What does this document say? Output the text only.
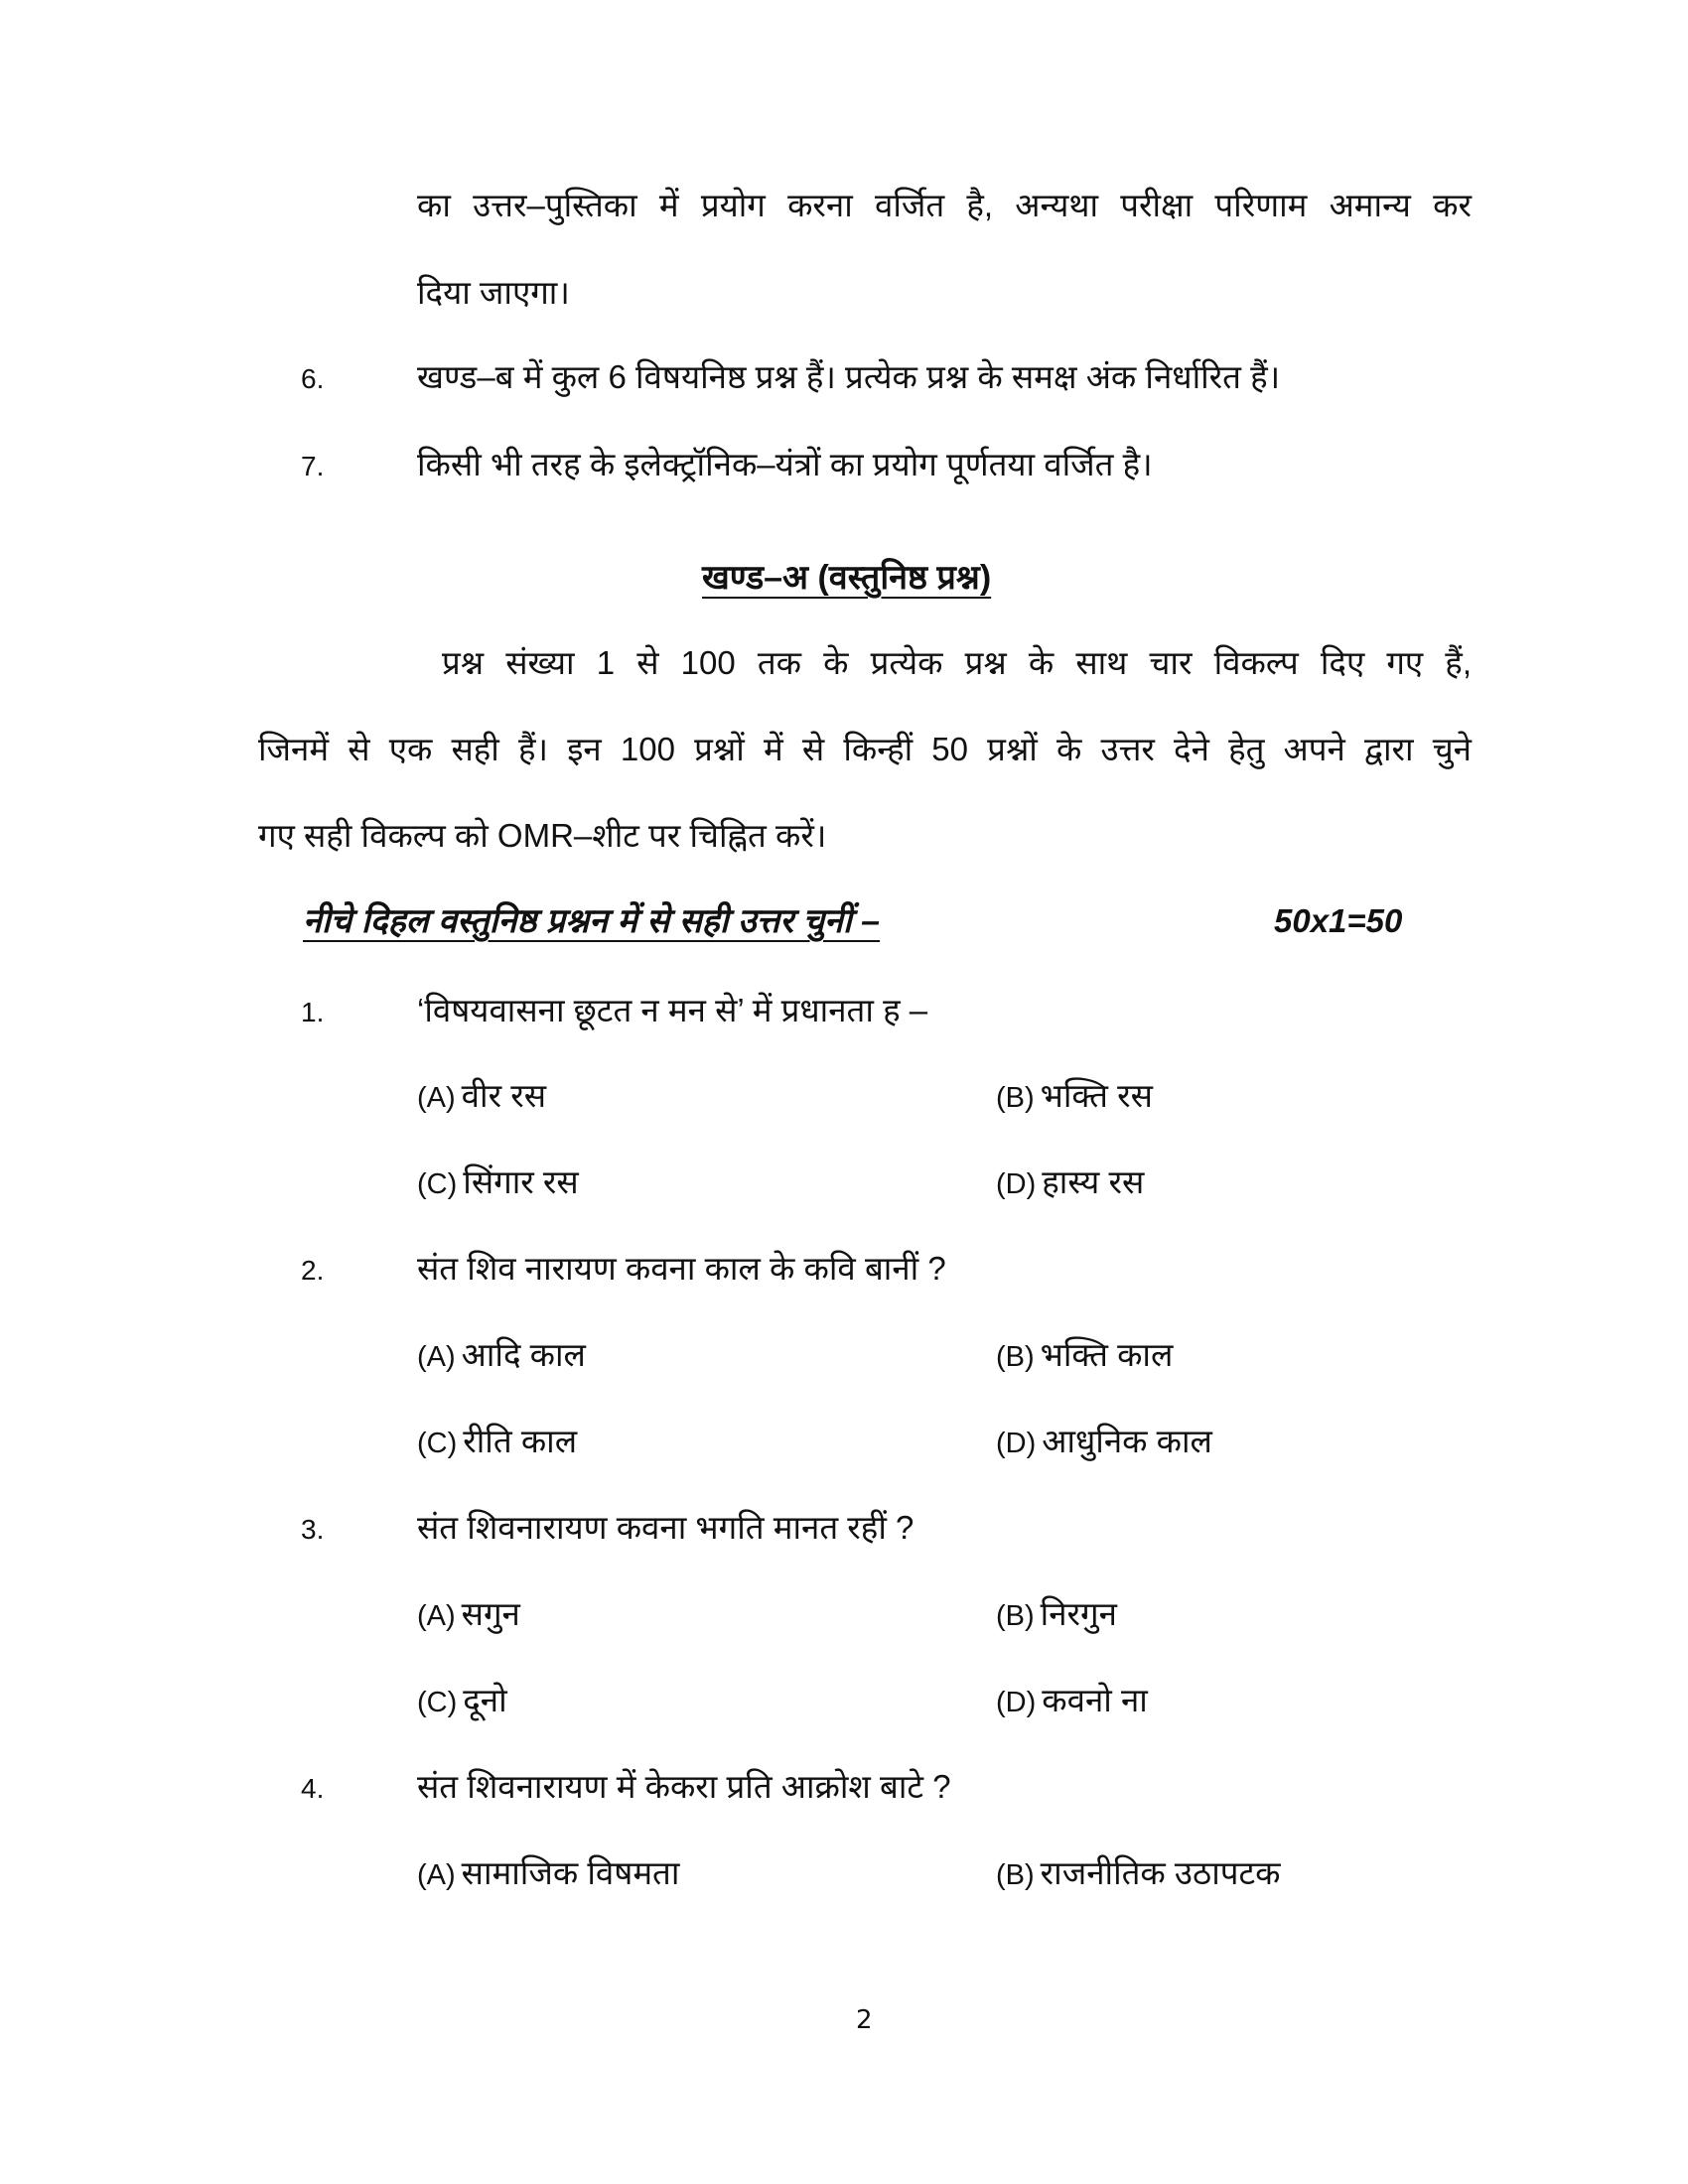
का उत्तर–पुस्तिका में प्रयोग करना वर्जित है, अन्यथा परीक्षा परिणाम अमान्य कर
दिया जाएगा।
6.	खण्ड–ब में कुल 6 विषयनिष्ठ प्रश्न हैं। प्रत्येक प्रश्न के समक्ष अंक निर्धारित हैं।
7.	किसी भी तरह के इलेक्ट्रॉनिक–यंत्रों का प्रयोग पूर्णतया वर्जित है।
खण्ड–अ (वस्तुनिष्ठ प्रश्न)
प्रश्न संख्या 1 से 100 तक के प्रत्येक प्रश्न के साथ चार विकल्प दिए गए हैं,
जिनमें से एक सही हैं। इन 100 प्रश्नों में से किन्हीं 50 प्रश्नों के उत्तर देने हेतु अपने द्वारा चुने
गए सही विकल्प को OMR–शीट पर चिह्नित करें।
नीचे दिहल वस्तुनिष्ठ प्रश्नन में से सही उत्तर चुनीं –	50x1=50
1.	‘विषयवासना छूटत न मन से’ में प्रधानता ह –
(A) वीर रस	(B) भक्ति रस
(C) सिंगार रस	(D) हास्य रस
2.	संत शिव नारायण कवना काल के कवि बानीं ?
(A) आदि काल	(B) भक्ति काल
(C) रीति काल	(D) आधुनिक काल
3.	संत शिवनारायण कवना भगति मानत रहीं ?
(A) सगुन	(B) निरगुन
(C) दूनो	(D) कवनो ना
4.	संत शिवनारायण में केकरा प्रति आक्रोश बाटे ?
(A) सामाजिक विषमता	(B) राजनीतिक उठापटक
2
